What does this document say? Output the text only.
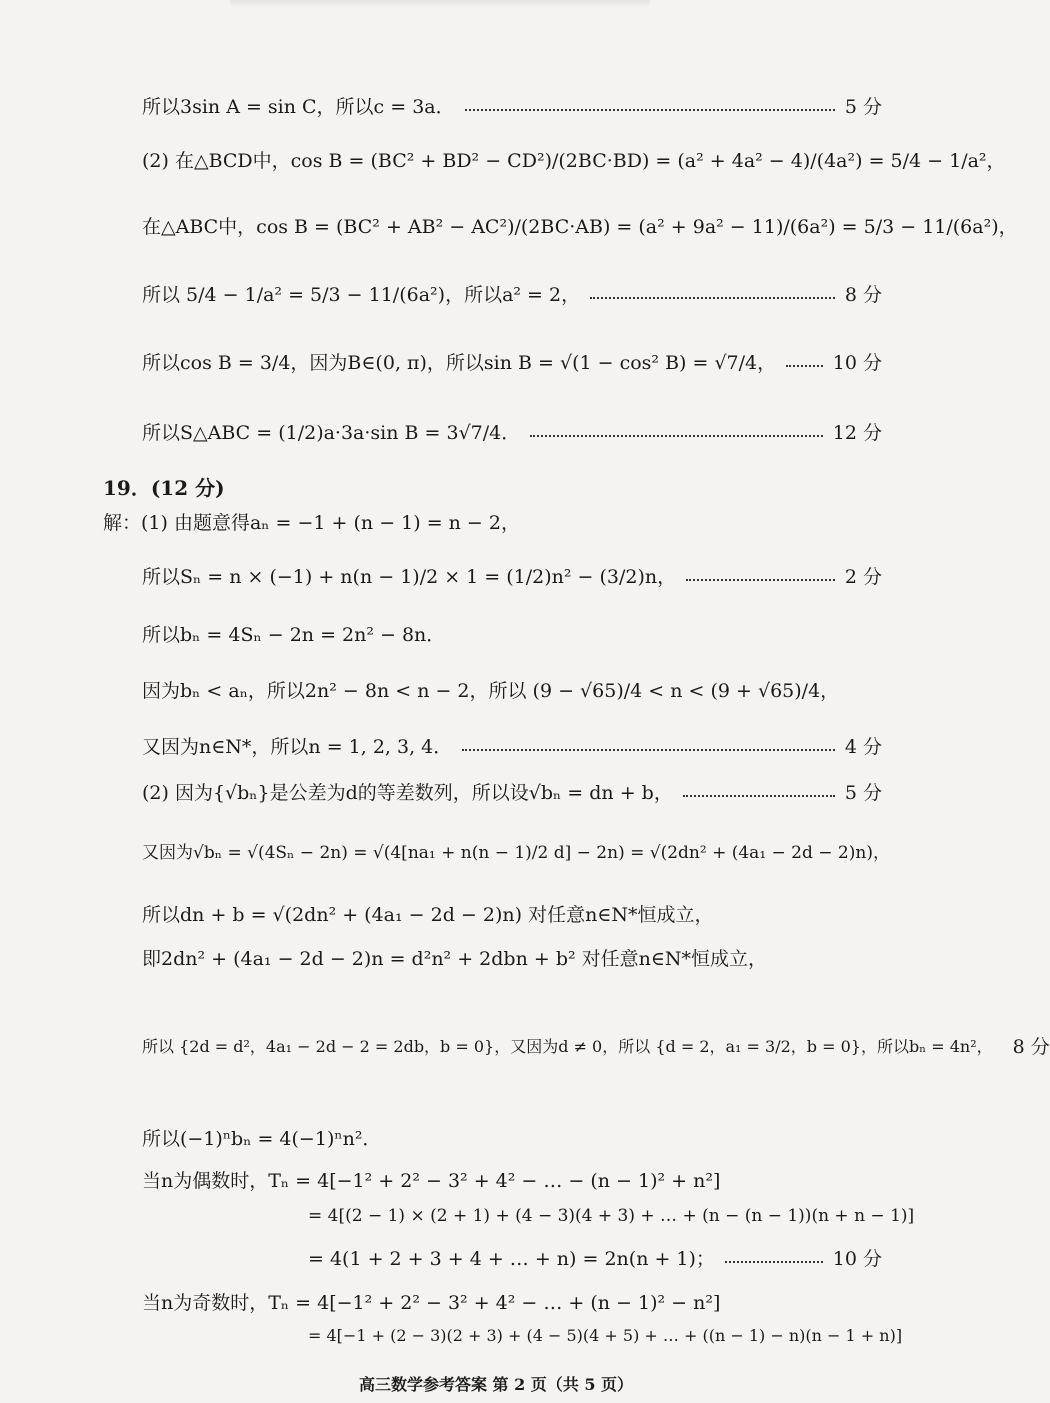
所以3sin A = sin C，所以c = 3a．	5 分
(2) 在△BCD中，cos B = (BC² + BD² − CD²)/(2BC·BD) = (a² + 4a² − 4)/(4a²) = 5/4 − 1/a²，
在△ABC中，cos B = (BC² + AB² − AC²)/(2BC·AB) = (a² + 9a² − 11)/(6a²) = 5/3 − 11/(6a²)，
所以 5/4 − 1/a² = 5/3 − 11/(6a²)，所以a² = 2，	8 分
所以cos B = 3/4，因为B∈(0, π)，所以sin B = √(1 − cos² B) = √7/4，	10 分
所以S△ABC = (1/2)a·3a·sin B = 3√7/4．	12 分
19．(12 分)
解：(1) 由题意得aₙ = −1 + (n − 1) = n − 2，
所以Sₙ = n × (−1) + n(n − 1)/2 × 1 = (1/2)n² − (3/2)n，	2 分
所以bₙ = 4Sₙ − 2n = 2n² − 8n．
因为bₙ < aₙ，所以2n² − 8n < n − 2，所以 (9 − √65)/4 < n < (9 + √65)/4，
又因为n∈N*，所以n = 1, 2, 3, 4．	4 分
(2) 因为{√bₙ}是公差为d的等差数列，所以设√bₙ = dn + b，	5 分
又因为√bₙ = √(4Sₙ − 2n) = √(4[na₁ + n(n − 1)/2 d] − 2n) = √(2dn² + (4a₁ − 2d − 2)n)，
所以dn + b = √(2dn² + (4a₁ − 2d − 2)n) 对任意n∈N*恒成立，
即2dn² + (4a₁ − 2d − 2)n = d²n² + 2dbn + b² 对任意n∈N*恒成立，
所以 {2d = d²，4a₁ − 2d − 2 = 2db，b = 0}，又因为d ≠ 0，所以 {d = 2，a₁ = 3/2，b = 0}，所以bₙ = 4n²， 8 分
所以(−1)ⁿbₙ = 4(−1)ⁿn²．
当n为偶数时，Tₙ = 4[−1² + 2² − 3² + 4² − … − (n − 1)² + n²]
= 4[(2 − 1) × (2 + 1) + (4 − 3)(4 + 3) + … + (n − (n − 1))(n + n − 1)]
= 4(1 + 2 + 3 + 4 + … + n) = 2n(n + 1)；	10 分
当n为奇数时，Tₙ = 4[−1² + 2² − 3² + 4² − … + (n − 1)² − n²]
= 4[−1 + (2 − 3)(2 + 3) + (4 − 5)(4 + 5) + … + ((n − 1) − n)(n − 1 + n)]
高三数学参考答案 第 2 页（共 5 页）
